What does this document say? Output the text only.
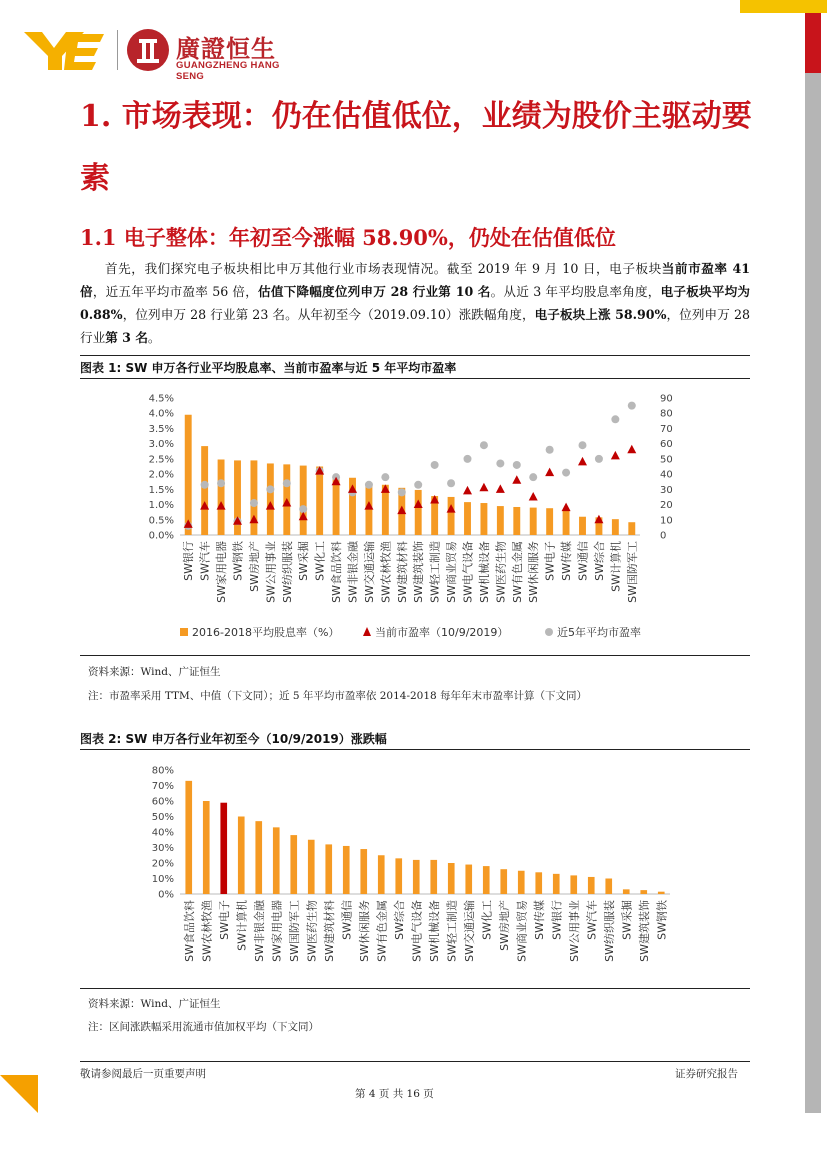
廣證恒生
GUANGZHENG HANG SENG
1. 市场表现：仍在估值低位，业绩为股价主驱动要
素
1.1 电子整体：年初至今涨幅 58.90%，仍处在估值低位
首先，我们探究电子板块相比申万其他行业市场表现情况。截至 2019 年 9 月 10 日，电子板块当前市盈率 41 倍，近五年平均市盈率 56 倍，估值下降幅度位列申万 28 行业第 10 名。从近 3 年平均股息率角度，电子板块平均为 0.88%，位列申万 28 行业第 23 名。从年初至今（2019.09.10）涨跌幅角度，电子板块上涨 58.90%，位列申万 28 行业第 3 名。
图表 1: SW 申万各行业平均股息率、当前市盈率与近 5 年平均市盈率
0.0%
0.5%
1.0%
1.5%
2.0%
2.5%
3.0%
3.5%
4.0%
4.5%
0
10
20
30
40
50
60
70
80
90
SW银行 SW汽车 SW家用电器 SW钢铁 SW房地产 SW公用事业 SW纺织服装 SW采掘 SW化工 SW食品饮料 SW非银金融 SW交通运输 SW农林牧渔 SW建筑材料 SW建筑装饰 SW轻工制造 SW商业贸易 SW电气设备 SW机械设备 SW医药生物 SW有色金属 SW休闲服务 SW电子 SW传媒 SW通信 SW综合 SW计算机 SW国防军工
2016-2018平均股息率（%）	当前市盈率（10/9/2019）	近5年平均市盈率
资料来源：Wind、广证恒生
注：市盈率采用 TTM、中值（下文同）；近 5 年平均市盈率依 2014-2018 每年年末市盈率计算（下文同）
图表 2: SW 申万各行业年初至今（10/9/2019）涨跌幅
0%
10%
20%
30%
40%
50%
60%
70%
80%
SW食品饮料 SW农林牧渔 SW电子 SW计算机 SW非银金融 SW家用电器 SW国防军工 SW医药生物 SW建筑材料 SW通信 SW休闲服务 SW有色金属 SW综合 SW电气设备 SW机械设备 SW轻工制造 SW交通运输 SW化工 SW房地产 SW商业贸易 SW传媒 SW银行 SW公用事业 SW汽车 SW纺织服装 SW采掘 SW建筑装饰 SW钢铁
资料来源：Wind、广证恒生
注：区间涨跌幅采用流通市值加权平均（下文同）
敬请参阅最后一页重要声明
第 4 页 共 16 页
证券研究报告
